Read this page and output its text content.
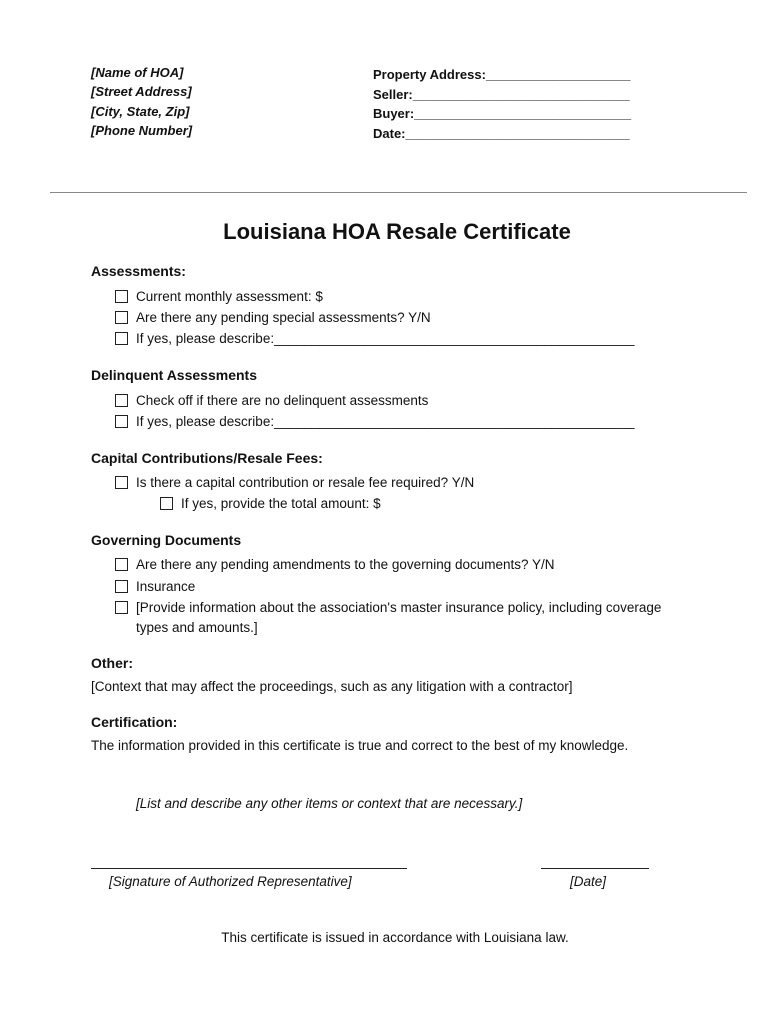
[Name of HOA]
[Street Address]
[City, State, Zip]
[Phone Number]
Property Address:____________________
Seller:______________________________
Buyer:______________________________
Date:_______________________________
Louisiana HOA Resale Certificate
Assessments:
Current monthly assessment: $
Are there any pending special assessments? Y/N
If yes, please describe:________________________________________________
Delinquent Assessments
Check off if there are no delinquent assessments
If yes, please describe:________________________________________________
Capital Contributions/Resale Fees:
Is there a capital contribution or resale fee required? Y/N
If yes, provide the total amount: $
Governing Documents
Are there any pending amendments to the governing documents? Y/N
Insurance
[Provide information about the association's master insurance policy, including coverage
types and amounts.]
Other:
[Context that may affect the proceedings, such as any litigation with a contractor]
Certification:
The information provided in this certificate is true and correct to the best of my knowledge.
[List and describe any other items or context that are necessary.]
[Signature of Authorized Representative]	[Date]
This certificate is issued in accordance with Louisiana law.
